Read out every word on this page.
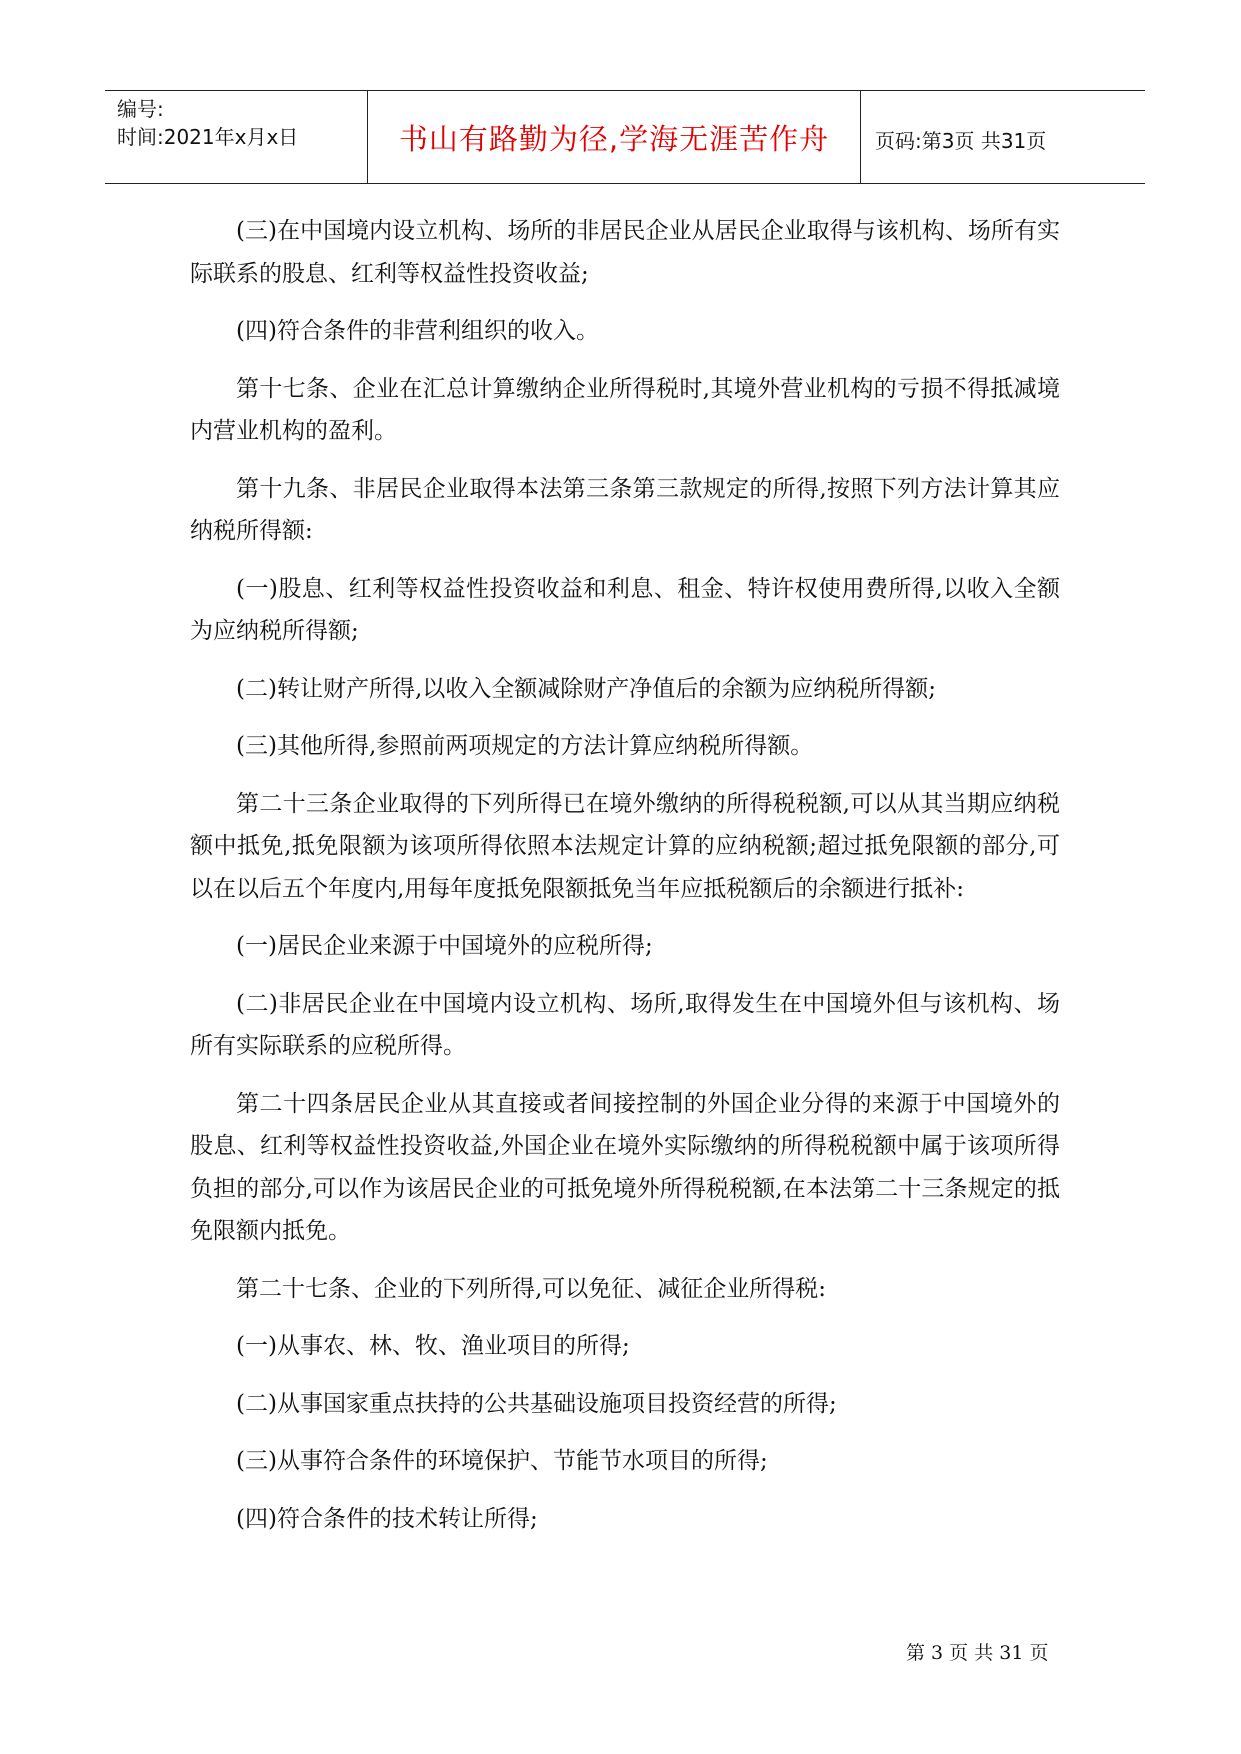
编号:
时间:2021年x月x日	书山有路勤为径,学海无涯苦作舟	页码:第3页 共31页

(三)在中国境内设立机构、场所的非居民企业从居民企业取得与该机构、场所有实际联系的股息、红利等权益性投资收益;

(四)符合条件的非营利组织的收入。

第十七条、企业在汇总计算缴纳企业所得税时,其境外营业机构的亏损不得抵减境内营业机构的盈利。

第十九条、非居民企业取得本法第三条第三款规定的所得,按照下列方法计算其应纳税所得额:

(一)股息、红利等权益性投资收益和利息、租金、特许权使用费所得,以收入全额为应纳税所得额;

(二)转让财产所得,以收入全额减除财产净值后的余额为应纳税所得额;

(三)其他所得,参照前两项规定的方法计算应纳税所得额。

第二十三条企业取得的下列所得已在境外缴纳的所得税税额,可以从其当期应纳税额中抵免,抵免限额为该项所得依照本法规定计算的应纳税额;超过抵免限额的部分,可以在以后五个年度内,用每年度抵免限额抵免当年应抵税额后的余额进行抵补:

(一)居民企业来源于中国境外的应税所得;

(二)非居民企业在中国境内设立机构、场所,取得发生在中国境外但与该机构、场所有实际联系的应税所得。

第二十四条居民企业从其直接或者间接控制的外国企业分得的来源于中国境外的股息、红利等权益性投资收益,外国企业在境外实际缴纳的所得税税额中属于该项所得负担的部分,可以作为该居民企业的可抵免境外所得税税额,在本法第二十三条规定的抵免限额内抵免。

第二十七条、企业的下列所得,可以免征、减征企业所得税:

(一)从事农、林、牧、渔业项目的所得;

(二)从事国家重点扶持的公共基础设施项目投资经营的所得;

(三)从事符合条件的环境保护、节能节水项目的所得;

(四)符合条件的技术转让所得;

第 3 页 共 31 页
